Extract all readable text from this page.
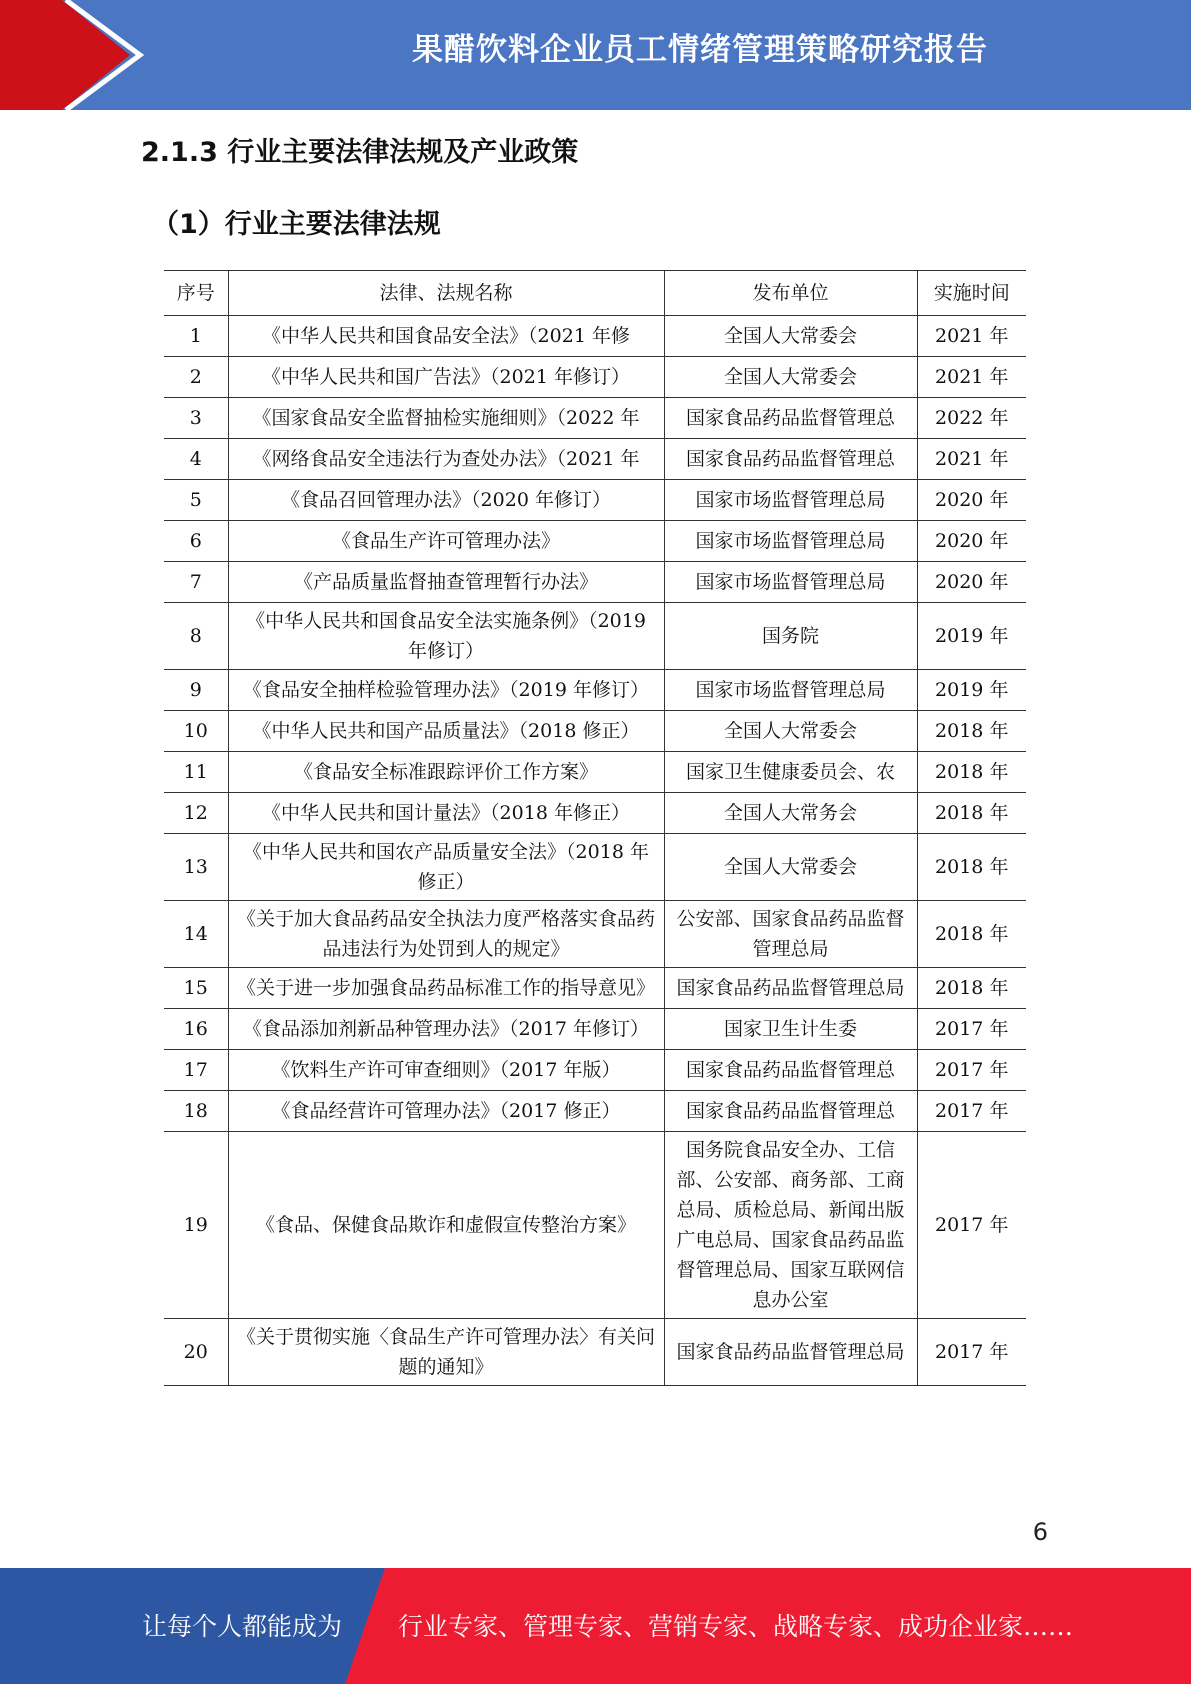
果醋饮料企业员工情绪管理策略研究报告
2.1.3 行业主要法律法规及产业政策
（1）行业主要法律法规
序号	法律、法规名称	发布单位	实施时间
1	《中华人民共和国食品安全法》（2021 年修	全国人大常委会	2021 年
2	《中华人民共和国广告法》（2021 年修订）	全国人大常委会	2021 年
3	《国家食品安全监督抽检实施细则》（2022 年	国家食品药品监督管理总	2022 年
4	《网络食品安全违法行为查处办法》（2021 年	国家食品药品监督管理总	2021 年
5	《食品召回管理办法》（2020 年修订）	国家市场监督管理总局	2020 年
6	《食品生产许可管理办法》	国家市场监督管理总局	2020 年
7	《产品质量监督抽查管理暂行办法》	国家市场监督管理总局	2020 年
8	《中华人民共和国食品安全法实施条例》（2019 年修订）	国务院	2019 年
9	《食品安全抽样检验管理办法》（2019 年修订）	国家市场监督管理总局	2019 年
10	《中华人民共和国产品质量法》（2018 修正）	全国人大常委会	2018 年
11	《食品安全标准跟踪评价工作方案》	国家卫生健康委员会、农	2018 年
12	《中华人民共和国计量法》（2018 年修正）	全国人大常务会	2018 年
13	《中华人民共和国农产品质量安全法》（2018 年修正）	全国人大常委会	2018 年
14	《关于加大食品药品安全执法力度严格落实食品药品违法行为处罚到人的规定》	公安部、国家食品药品监督管理总局	2018 年
15	《关于进一步加强食品药品标准工作的指导意见》	国家食品药品监督管理总局	2018 年
16	《食品添加剂新品种管理办法》（2017 年修订）	国家卫生计生委	2017 年
17	《饮料生产许可审查细则》（2017 年版）	国家食品药品监督管理总	2017 年
18	《食品经营许可管理办法》（2017 修正）	国家食品药品监督管理总	2017 年
19	《食品、保健食品欺诈和虚假宣传整治方案》	国务院食品安全办、工信部、公安部、商务部、工商总局、质检总局、新闻出版广电总局、国家食品药品监督管理总局、国家互联网信息办公室	2017 年
20	《关于贯彻实施〈食品生产许可管理办法〉有关问题的通知》	国家食品药品监督管理总局	2017 年
6
让每个人都能成为 行业专家、管理专家、营销专家、战略专家、成功企业家……
